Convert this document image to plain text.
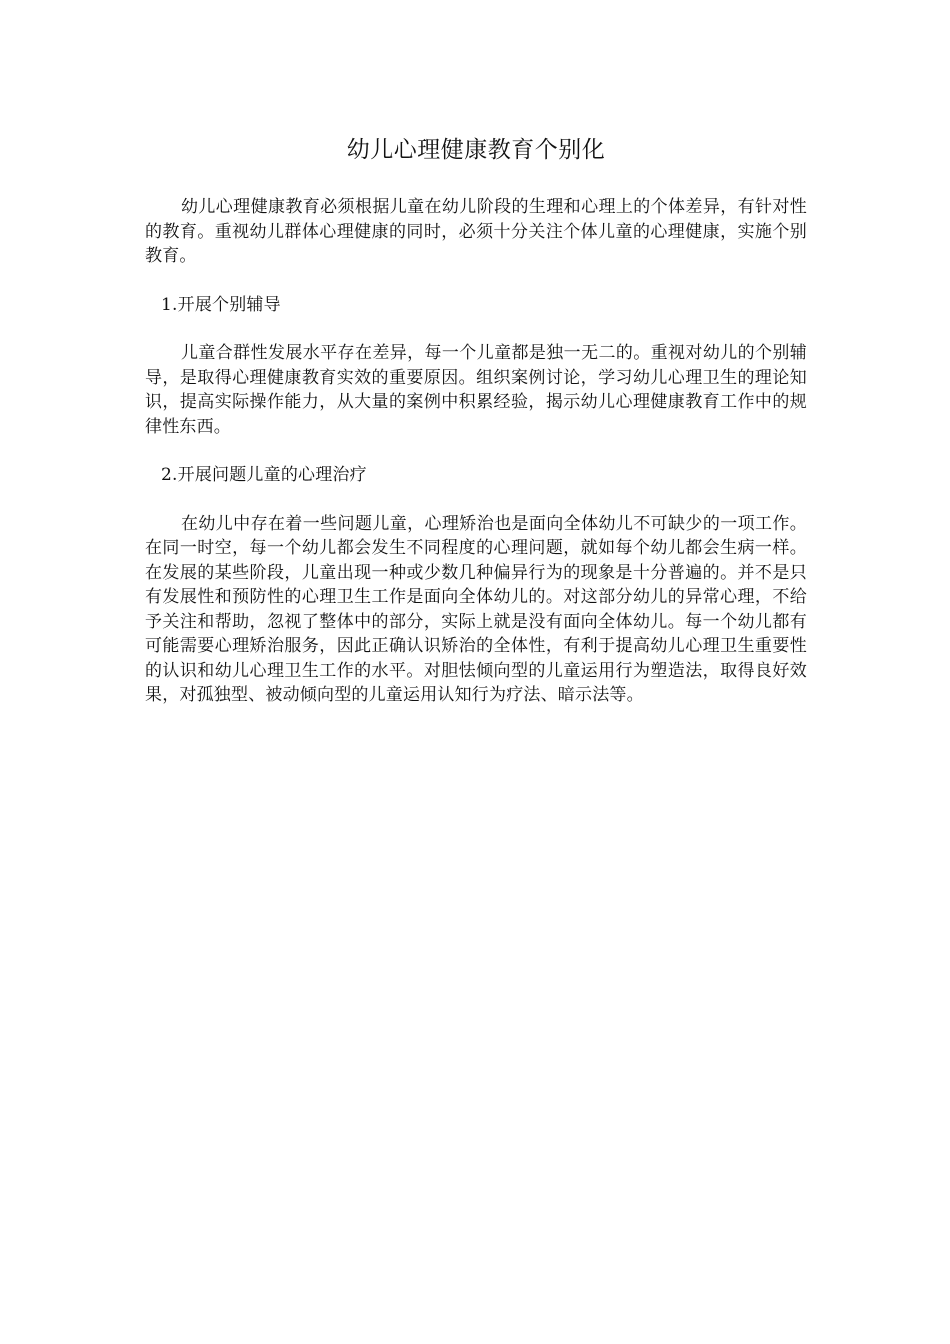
幼儿心理健康教育个别化

幼儿心理健康教育必须根据儿童在幼儿阶段的生理和心理上的个体差异，有针对性的教育。重视幼儿群体心理健康的同时，必须十分关注个体儿童的心理健康，实施个别教育。

1.开展个别辅导

儿童合群性发展水平存在差异，每一个儿童都是独一无二的。重视对幼儿的个别辅导，是取得心理健康教育实效的重要原因。组织案例讨论，学习幼儿心理卫生的理论知识，提高实际操作能力，从大量的案例中积累经验，揭示幼儿心理健康教育工作中的规律性东西。

2.开展问题儿童的心理治疗

在幼儿中存在着一些问题儿童，心理矫治也是面向全体幼儿不可缺少的一项工作。在同一时空，每一个幼儿都会发生不同程度的心理问题，就如每个幼儿都会生病一样。在发展的某些阶段，儿童出现一种或少数几种偏异行为的现象是十分普遍的。并不是只有发展性和预防性的心理卫生工作是面向全体幼儿的。对这部分幼儿的异常心理，不给予关注和帮助，忽视了整体中的部分，实际上就是没有面向全体幼儿。每一个幼儿都有可能需要心理矫治服务，因此正确认识矫治的全体性，有利于提高幼儿心理卫生重要性的认识和幼儿心理卫生工作的水平。对胆怯倾向型的儿童运用行为塑造法，取得良好效果，对孤独型、被动倾向型的儿童运用认知行为疗法、暗示法等。
